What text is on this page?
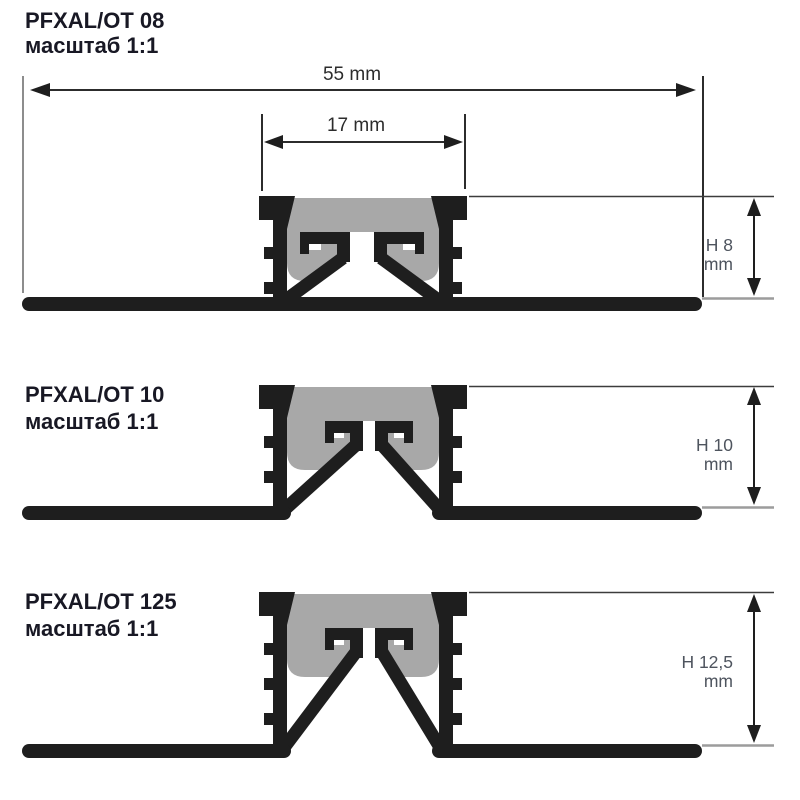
PFXAL/OT 08
масштаб 1:1
55 mm
17 mm
H 8
mm
PFXAL/OT 10
масштаб 1:1
H 10
mm
PFXAL/OT 125
масштаб 1:1
H 12,5
mm
